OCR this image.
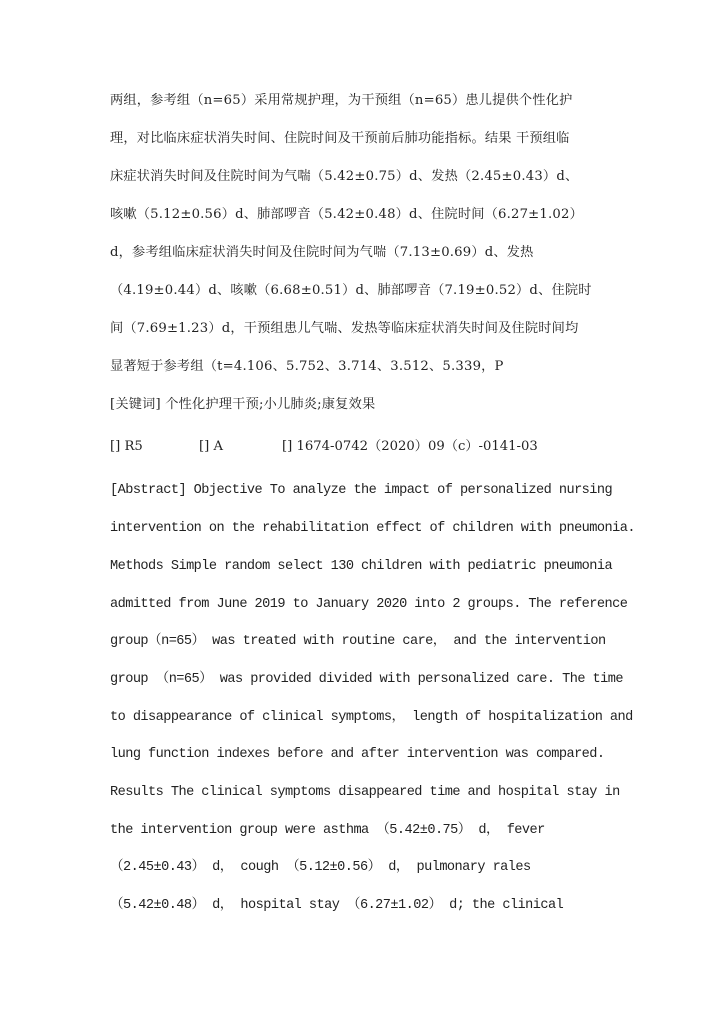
两组，参考组（n=65）采用常规护理，为干预组（n=65）患儿提供个性化护
理，对比临床症状消失时间、住院时间及干预前后肺功能指标。结果 干预组临
床症状消失时间及住院时间为气喘（5.42±0.75）d、发热（2.45±0.43）d、
咳嗽（5.12±0.56）d、肺部啰音（5.42±0.48）d、住院时间（6.27±1.02）
d，参考组临床症状消失时间及住院时间为气喘（7.13±0.69）d、发热
（4.19±0.44）d、咳嗽（6.68±0.51）d、肺部啰音（7.19±0.52）d、住院时
间（7.69±1.23）d，干预组患儿气喘、发热等临床症状消失时间及住院时间均
显著短于参考组（t=4.106、5.752、3.714、3.512、5.339，P
[关键词] 个性化护理干预;小儿肺炎;康复效果
[] R5	[] A	[] 1674-0742（2020）09（c）-0141-03
[Abstract] Objective To analyze the impact of personalized nursing
intervention on the rehabilitation effect of children with pneumonia.
Methods Simple random select 130 children with pediatric pneumonia
admitted from June 2019 to January 2020 into 2 groups. The reference
group（n=65） was treated with routine care， and the intervention
group （n=65） was provided divided with personalized care. The time
to disappearance of clinical symptoms， length of hospitalization and
lung function indexes before and after intervention was compared.
Results The clinical symptoms disappeared time and hospital stay in
the intervention group were asthma （5.42±0.75） d， fever
（2.45±0.43） d， cough （5.12±0.56） d， pulmonary rales
（5.42±0.48） d， hospital stay （6.27±1.02） d; the clinical
